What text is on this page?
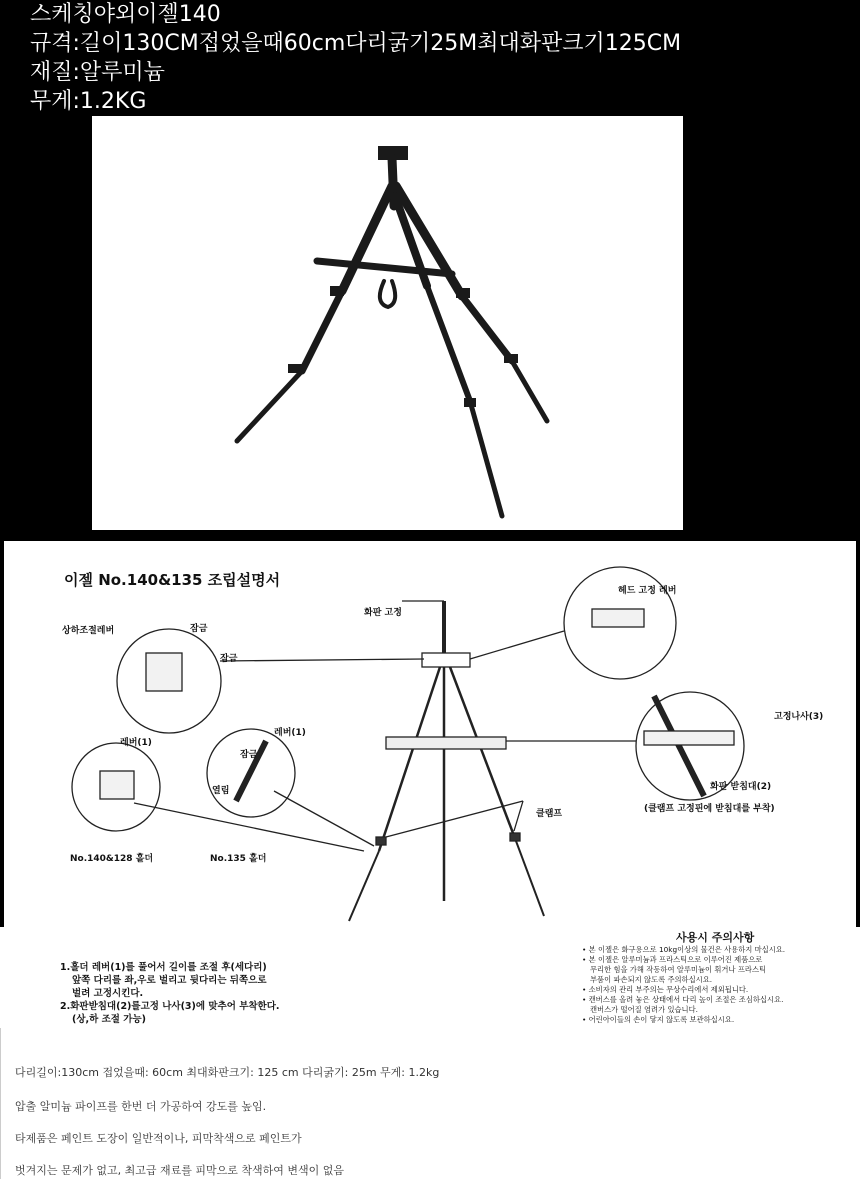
스케칭야외이젤140
규격:길이130CM접었을때60cm다리굵기25M최대화판크기125CM
재질:알루미늄
무게:1.2KG
이젤 No.140&135 조립설명서
화판 고정
헤드 고정 레버
상하조절레버	잠금
잠금
레버(1)
레버(1)
잠금
열림
고정나사(3)
화판 받침대(2)
(클램프 고정핀에 받침대를 부착)
클램프
No.140&128 홀더	No.135 홀더
1.홀더 레버(1)를 풀어서 길이를 조절 후(세다리)
앞쪽 다리를 좌,우로 벌리고 뒷다리는 뒤쪽으로
벌려 고정시킨다.
2.화판받침대(2)를고정 나사(3)에 맞추어 부착한다.
(상,하 조절 가능)
사용시 주의사항
• 본 이젤은 화구용으로 10kg이상의 물건은 사용하지 마십시요.
• 본 이젤은 알루미늄과 프라스틱으로 이루어진 제품으로
무리한 힘을 가해 작동하여 알루미늄이 휘거나 프라스틱
부품이 파손되지 않도록 주의하십시요.
• 소비자의 관리 부주의는 무상수리에서 제외됩니다.
• 캔버스를 올려 놓은 상태에서 다리 높이 조절은 조심하십시요.
캔버스가 떨어질 염려가 있습니다.
• 어린아이들의 손이 닿지 않도록 보관하십시요.
다리길이:130cm 접었을때: 60cm 최대화판크기: 125 cm 다리굵기: 25m 무게: 1.2kg
압출 알미늄 파이프를 한번 더 가공하여 강도를 높임.
타제품은 페인트 도장이 일반적이나, 피막착색으로 페인트가
벗겨지는 문제가 없고, 최고급 재료를 피막으로 착색하여 변색이 없음
